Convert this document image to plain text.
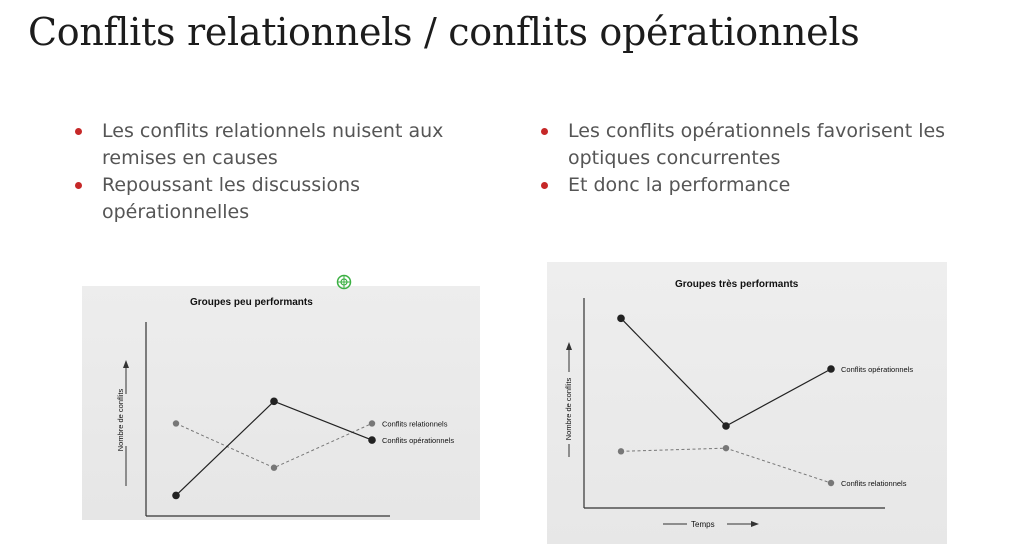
Conflits relationnels / conflits opérationnels
Les conflits relationnels nuisent aux remises en causes
Repoussant les discussions opérationnelles
Les conflits opérationnels favorisent les optiques concurrentes
Et donc la performance
Groupes peu performants
Nombre de conflits	Conflits relationnels
Conflits opérationnels
Groupes très performants
Nombre de conflits
Temps
Conflits opérationnels
Conflits relationnels
